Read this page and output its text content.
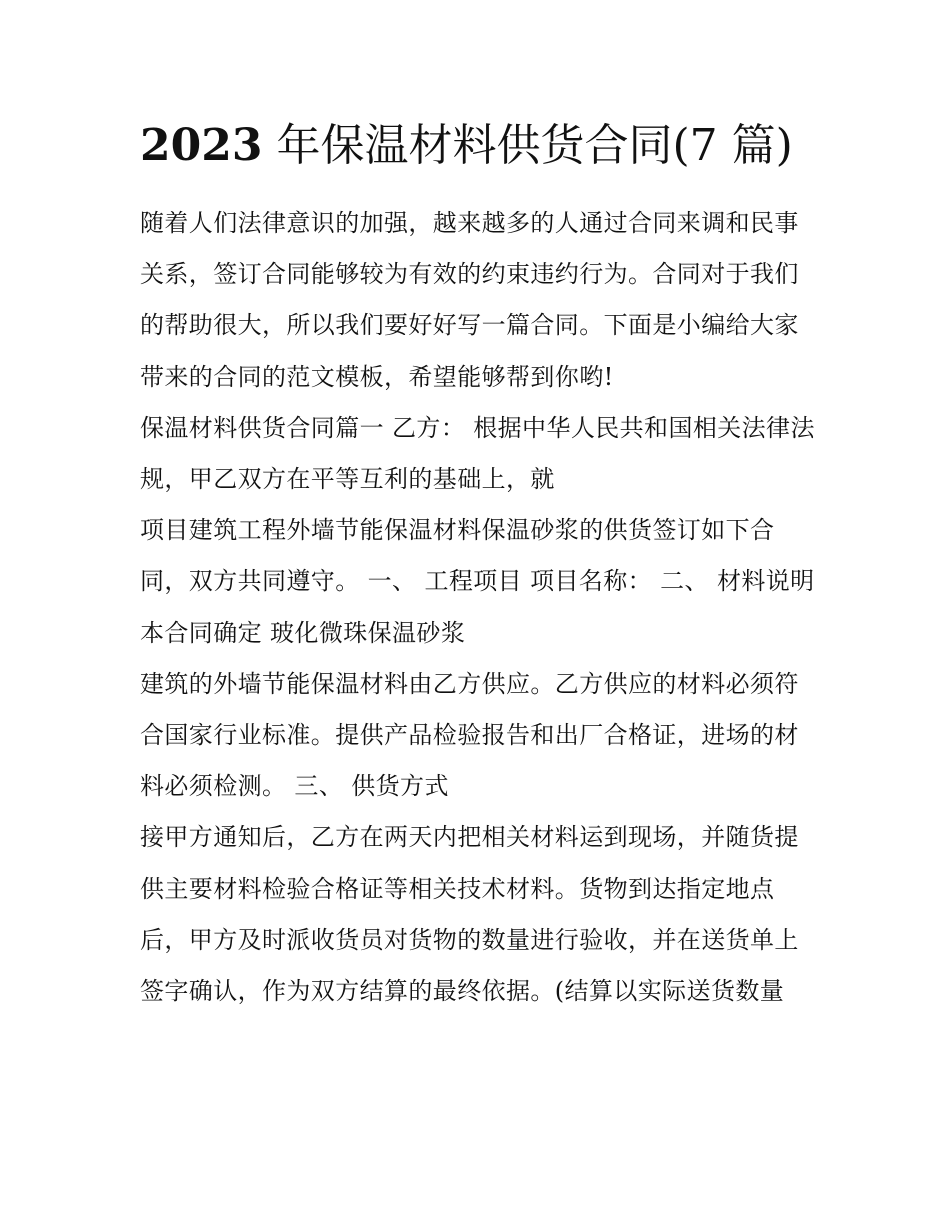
2023 年保温材料供货合同(7 篇)

随着人们法律意识的加强，越来越多的人通过合同来调和民事关系，签订合同能够较为有效的约束违约行为。合同对于我们的帮助很大，所以我们要好好写一篇合同。下面是小编给大家带来的合同的范文模板，希望能够帮到你哟!

保温材料供货合同篇一 乙方： 根据中华人民共和国相关法律法规，甲乙双方在平等互利的基础上，就

项目建筑工程外墙节能保温材料保温砂浆的供货签订如下合同，双方共同遵守。 一、 工程项目 项目名称： 二、 材料说明 本合同确定 玻化微珠保温砂浆

建筑的外墙节能保温材料由乙方供应。乙方供应的材料必须符合国家行业标准。提供产品检验报告和出厂合格证，进场的材料必须检测。 三、 供货方式

接甲方通知后，乙方在两天内把相关材料运到现场，并随货提供主要材料检验合格证等相关技术材料。货物到达指定地点后，甲方及时派收货员对货物的数量进行验收，并在送货单上签字确认，作为双方结算的最终依据。(结算以实际送货数量
